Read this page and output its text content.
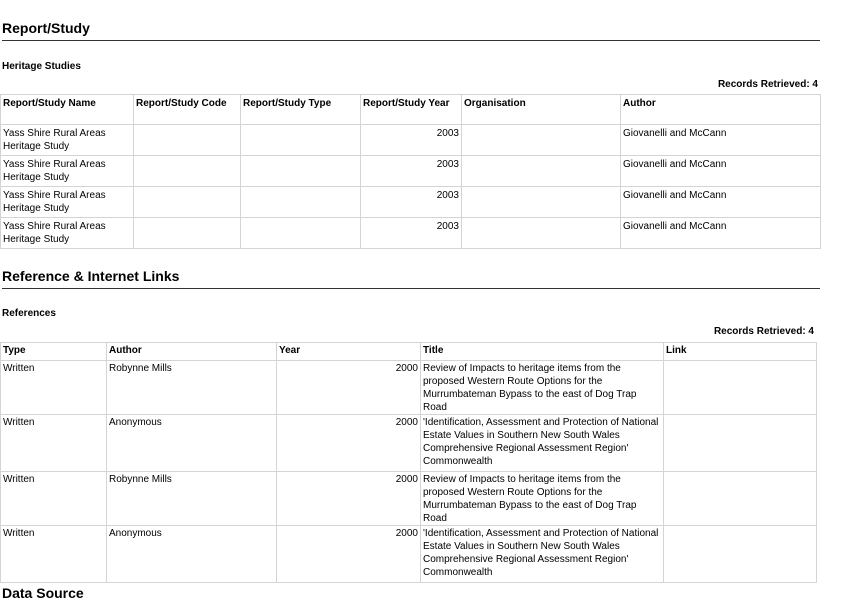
Report/Study
Heritage Studies
Records Retrieved: 4
Report/Study Name	Report/Study Code	Report/Study Type	Report/Study Year	Organisation	Author
Yass Shire Rural Areas Heritage Study			2003		Giovanelli and McCann
Yass Shire Rural Areas Heritage Study			2003		Giovanelli and McCann
Yass Shire Rural Areas Heritage Study			2003		Giovanelli and McCann
Yass Shire Rural Areas Heritage Study			2003		Giovanelli and McCann
Reference & Internet Links
References
Records Retrieved: 4
Type	Author	Year	Title	Link
Written	Robynne Mills	2000	Review of Impacts to heritage items from the proposed Western Route Options for the Murrumbateman Bypass to the east of Dog Trap Road	
Written	Anonymous	2000	'Identification, Assessment and Protection of National Estate Values in Southern New South Wales Comprehensive Regional Assessment Region' Commonwealth	
Written	Robynne Mills	2000	Review of Impacts to heritage items from the proposed Western Route Options for the Murrumbateman Bypass to the east of Dog Trap Road	
Written	Anonymous	2000	'Identification, Assessment and Protection of National Estate Values in Southern New South Wales Comprehensive Regional Assessment Region' Commonwealth	
Data Source
